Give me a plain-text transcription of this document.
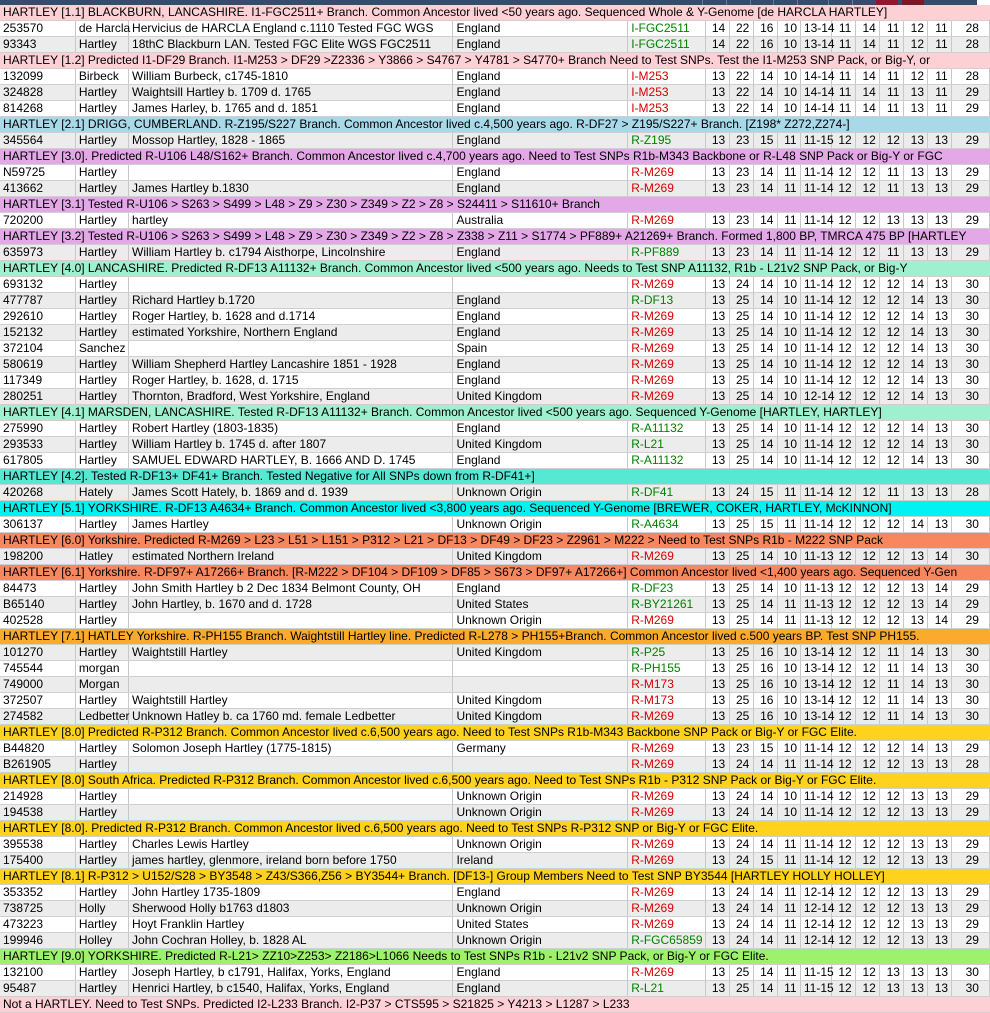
HARTLEY [1.1] BLACKBURN, LANCASHIRE. I1-FGC2511+ Branch. Common Ancestor lived <50 years ago. Sequenced Whole & Y-Genome [de HARCLA HARTLEY]															
253570	de Harcla	Hervicius de HARCLA England c.1110 Tested FGC WGS	England	I-FGC2511	14	22	16	10	13-14	11	14	11	12	11	28
93343	Hartley	18thC Blackburn LAN. Tested FGC Elite WGS FGC2511	England	I-FGC2511	14	22	16	10	13-14	11	14	11	12	11	28
HARTLEY [1.2] Predicted I1-DF29 Branch. I1-M253 > DF29 >Z2336 > Y3866 > S4767 > Y4781 > S4770+ Branch Need to Test SNPs. Test the I1-M253 SNP Pack, or Big-Y, or															
132099	Birbeck	William Burbeck, c1745-1810	England	I-M253	13	22	14	10	14-14	11	14	11	12	11	28
324828	Hartley	Waightsill Hartley b. 1709 d. 1765	England	I-M253	13	22	14	10	14-14	11	14	11	13	11	29
814268	Hartley	James Harley, b. 1765 and d. 1851	England	I-M253	13	22	14	10	14-14	11	14	11	13	11	29
HARTLEY [2.1] DRIGG, CUMBERLAND. R-Z195/S227 Branch. Common Ancestor lived c.4,500 years ago. R-DF27 > Z195/S227+ Branch. [Z198* Z272,Z274-]															
345564	Hartley	Mossop Hartley, 1828 - 1865	England	R-Z195	13	23	15	11	11-15	12	12	12	13	13	29
HARTLEY [3.0]. Predicted R-U106 L48/S162+ Branch. Common Ancestor lived c.4,700 years ago. Need to Test SNPs R1b-M343 Backbone or R-L48 SNP Pack or Big-Y or FGC															
N59725	Hartley		England	R-M269	13	23	14	11	11-14	12	12	11	13	13	29
413662	Hartley	James Hartley b.1830	England	R-M269	13	23	14	11	11-14	12	12	11	13	13	29
HARTLEY [3.1] Tested R-U106 > S263 > S499 > L48 > Z9 > Z30 > Z349 > Z2 > Z8 > S24411 > S11610+ Branch															
720200	Hartley	hartley	Australia	R-M269	13	23	14	11	11-14	12	12	13	13	13	29
HARTLEY [3.2] Tested R-U106 > S263 > S499 > L48 > Z9 > Z30 > Z349 > Z2 > Z8 > Z338 > Z11 > S1774 > PF889+ A21269+ Branch. Formed 1,800 BP, TMRCA 475 BP [HARTLEY															
635973	Hartley	William Hartley b. c1794 Aisthorpe, Lincolnshire	England	R-PF889	13	23	14	11	11-14	12	12	11	13	13	29
HARTLEY [4.0] LANCASHIRE. Predicted R-DF13 A11132+ Branch. Common Ancestor lived <500 years ago. Needs to Test SNP A11132, R1b - L21v2 SNP Pack, or Big-Y															
693132	Hartley			R-M269	13	24	14	10	11-14	12	12	12	14	13	30
477787	Hartley	Richard Hartley b.1720	England	R-DF13	13	25	14	10	11-14	12	12	12	14	13	30
292610	Hartley	Roger Hartley, b. 1628 and d.1714	England	R-M269	13	25	14	10	11-14	12	12	12	14	13	30
152132	Hartley	estimated Yorkshire, Northern England	England	R-M269	13	25	14	10	11-14	12	12	12	14	13	30
372104	Sanchez		Spain	R-M269	13	25	14	10	11-14	12	12	12	14	13	30
580619	Hartley	William Shepherd Hartley Lancashire 1851 - 1928	England	R-M269	13	25	14	10	11-14	12	12	12	14	13	30
117349	Hartley	Roger Hartley, b. 1628, d. 1715	England	R-M269	13	25	14	10	11-14	12	12	12	14	13	30
280251	Hartley	Thornton, Bradford, West Yorkshire, England	United Kingdom	R-M269	13	25	14	10	12-14	12	12	12	14	13	30
HARTLEY [4.1] MARSDEN, LANCASHIRE. Tested R-DF13 A11132+ Branch. Common Ancestor lived <500 years ago. Sequenced Y-Genome [HARTLEY, HARTLEY]															
275990	Hartley	Robert Hartley (1803-1835)	England	R-A11132	13	25	14	10	11-14	12	12	12	14	13	30
293533	Hartley	William Hartley b. 1745 d. after 1807	United Kingdom	R-L21	13	25	14	10	11-14	12	12	12	14	13	30
617805	Hartley	SAMUEL EDWARD HARTLEY, B. 1666 AND D. 1745	England	R-A11132	13	25	14	10	11-14	12	12	12	14	13	30
HARTLEY [4.2]. Tested R-DF13+ DF41+ Branch. Tested Negative for All SNPs down from R-DF41+]															
420268	Hately	James Scott Hately, b. 1869 and d. 1939	Unknown Origin	R-DF41	13	24	15	11	11-14	12	12	11	13	13	28
HARTLEY [5.1] YORKSHIRE. R-DF13 A4634+ Branch. Common Ancestor lived <3,800 years ago. Sequenced Y-Genome [BREWER, COKER, HARTLEY, McKINNON]															
306137	Hartley	James Hartley	Unknown Origin	R-A4634	13	25	15	11	11-14	12	12	12	14	13	30
HARTLEY [6.0] Yorkshire. Predicted R-M269 > L23 > L51 > L151 > P312 > L21 > DF13 > DF49 > DF23 > Z2961 > M222 > Need to Test SNPs R1b - M222 SNP Pack															
198200	Hatley	estimated Northern Ireland	United Kingdom	R-M269	13	25	14	10	11-13	12	12	12	13	14	30
HARTLEY [6.1] Yorkshire. R-DF97+ A17266+ Branch. [R-M222 > DF104 > DF109 > DF85 > S673 > DF97+ A17266+] Common Ancestor lived <1,400 years ago. Sequenced Y-Gen															
84473	Hartley	John Smith Hartley b 2 Dec 1834 Belmont County, OH	England	R-DF23	13	25	14	10	11-13	12	12	12	13	14	29
B65140	Hartley	John Hartley, b. 1670 and d. 1728	United States	R-BY21261	13	25	14	11	11-13	12	12	12	13	14	29
402528	Hartley		Unknown Origin	R-M269	13	25	14	11	11-13	12	12	12	13	14	29
HARTLEY [7.1] HATLEY Yorkshire. R-PH155 Branch. Waightstill Hartley line. Predicted R-L278 > PH155+Branch. Common Ancestor lived c.500 years BP. Test SNP PH155.															
101270	Hartley	Waightstill Hartley	United Kingdom	R-P25	13	25	16	10	13-14	12	12	11	14	13	30
745544	morgan			R-PH155	13	25	16	10	13-14	12	12	11	14	13	30
749000	Morgan			R-M173	13	25	16	10	13-14	12	12	11	14	13	30
372507	Hartley	Waightstill Hartley	United Kingdom	R-M173	13	25	16	10	13-14	12	12	11	14	13	30
274582	Ledbetter	Unknown Hatley b. ca 1760 md. female Ledbetter	United Kingdom	R-M269	13	25	16	10	13-14	12	12	11	14	13	30
HARTLEY [8.0] Predicted R-P312 Branch. Common Ancestor lived c.6,500 years ago. Need to Test SNPs R1b-M343 Backbone SNP Pack or Big-Y or FGC Elite.															
B44820	Hartley	Solomon Joseph Hartley (1775-1815)	Germany	R-M269	13	23	15	10	11-14	12	12	12	14	13	29
B261905	Hartley			R-M269	13	24	14	11	11-14	12	12	12	13	13	28
HARTLEY [8.0] South Africa. Predicted R-P312 Branch. Common Ancestor lived c.6,500 years ago. Need to Test SNPs R1b - P312 SNP Pack or Big-Y or FGC Elite.															
214928	Hartley		Unknown Origin	R-M269	13	24	14	10	11-14	12	12	12	13	13	29
194538	Hartley		Unknown Origin	R-M269	13	24	14	10	11-14	12	12	12	13	13	29
HARTLEY [8.0]. Predicted R-P312 Branch. Common Ancestor lived c.6,500 years ago. Need to Test SNPs R-P312 SNP or Big-Y or FGC Elite.															
395538	Hartley	Charles Lewis Hartley	Unknown Origin	R-M269	13	24	14	11	11-14	12	12	12	13	13	29
175400	Hartley	james hartley, glenmore, ireland born before 1750	Ireland	R-M269	13	24	15	11	11-14	12	12	12	13	13	29
HARTLEY [8.1] R-P312 > U152/S28 > BY3548 > Z43/S366,Z56 > BY3544+ Branch. [DF13-] Group Members Need to Test SNP BY3544 [HARTLEY HOLLY HOLLEY]															
353352	Hartley	John Hartley 1735-1809	England	R-M269	13	24	14	11	12-14	12	12	12	13	13	29
738725	Holly	Sherwood Holly b1763 d1803	Unknown Origin	R-M269	13	24	14	11	12-14	12	12	12	13	13	29
473223	Hartley	Hoyt Franklin Hartley	United States	R-M269	13	24	14	11	12-14	12	12	12	13	13	29
199946	Holley	John Cochran Holley, b. 1828 AL	Unknown Origin	R-FGC65859	13	24	14	11	12-14	12	12	12	13	13	29
HARTLEY [9.0] YORKSHIRE. Predicted R-L21> ZZ10>Z253> Z2186>L1066 Needs to Test SNPs R1b - L21v2 SNP Pack, or Big-Y or FGC Elite.															
132100	Hartley	Joseph Hartley, b c1791, Halifax, Yorks, England	England	R-M269	13	25	14	11	11-15	12	12	13	13	13	30
95487	Hartley	Henrici Hartley, b c1540, Halifax, Yorks, England	England	R-L21	13	25	14	11	11-15	12	12	13	13	13	30
Not a HARTLEY. Need to Test SNPs. Predicted I2-L233 Branch. I2-P37 > CTS595 > S21825 > Y4213 > L1287 > L233															
